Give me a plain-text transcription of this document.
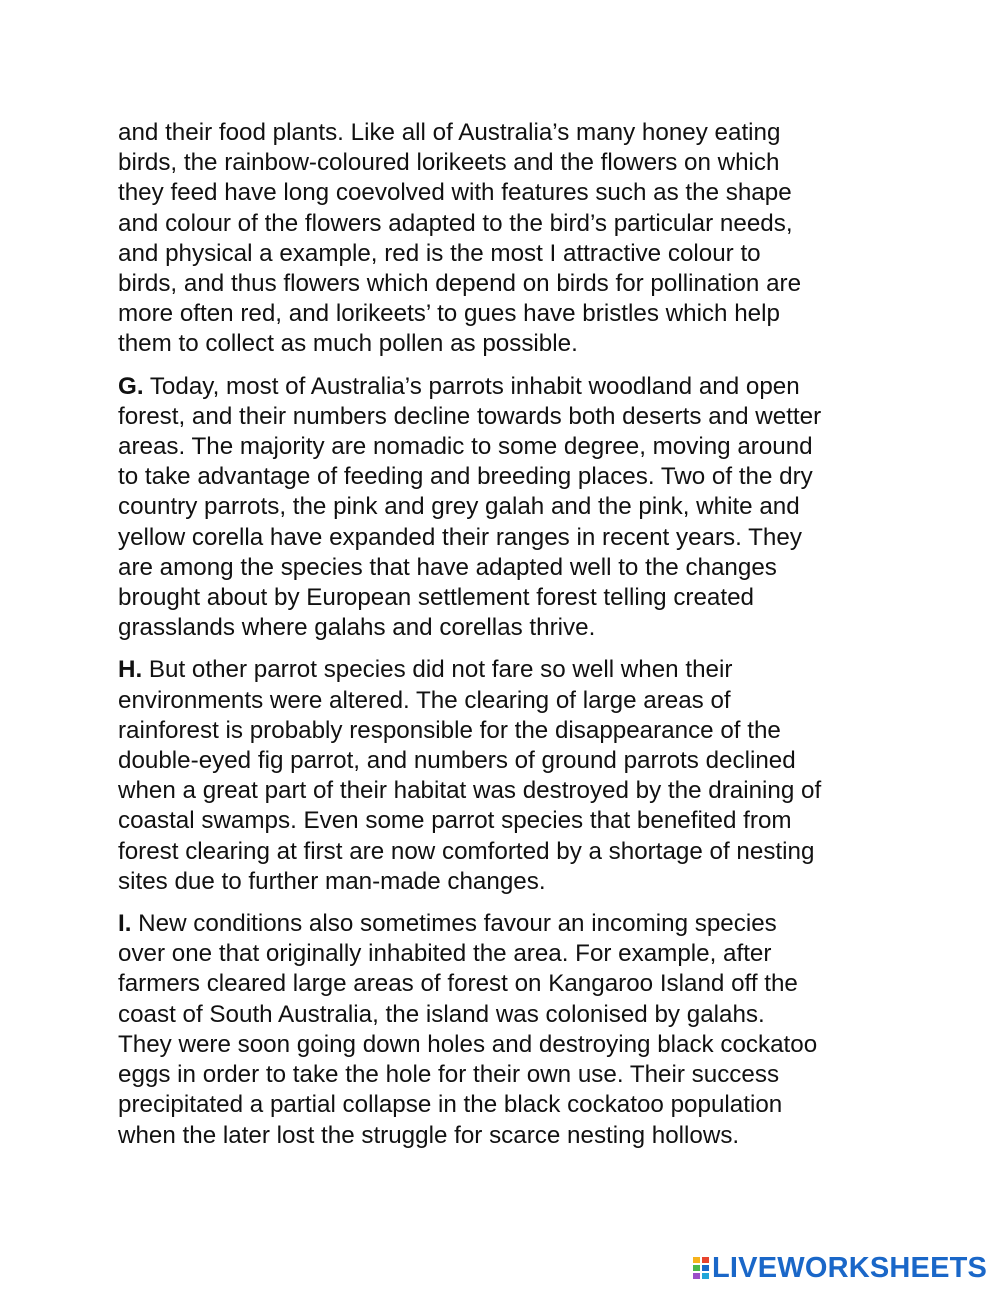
and their food plants. Like all of Australia’s many honey eating
birds, the rainbow-coloured lorikeets and the flowers on which
they feed have long coevolved with features such as the shape
and colour of the flowers adapted to the bird’s particular needs,
and physical a example, red is the most I attractive colour to
birds, and thus flowers which depend on birds for pollination are
more often red, and lorikeets’ to gues have bristles which help
them to collect as much pollen as possible.

G. Today, most of Australia’s parrots inhabit woodland and open
forest, and their numbers decline towards both deserts and wetter
areas. The majority are nomadic to some degree, moving around
to take advantage of feeding and breeding places. Two of the dry
country parrots, the pink and grey galah and the pink, white and
yellow corella have expanded their ranges in recent years. They
are among the species that have adapted well to the changes
brought about by European settlement forest telling created
grasslands where galahs and corellas thrive.

H. But other parrot species did not fare so well when their
environments were altered. The clearing of large areas of
rainforest is probably responsible for the disappearance of the
double-eyed fig parrot, and numbers of ground parrots declined
when a great part of their habitat was destroyed by the draining of
coastal swamps. Even some parrot species that benefited from
forest clearing at first are now comforted by a shortage of nesting
sites due to further man-made changes.

I. New conditions also sometimes favour an incoming species
over one that originally inhabited the area. For example, after
farmers cleared large areas of forest on Kangaroo Island off the
coast of South Australia, the island was colonised by galahs.
They were soon going down holes and destroying black cockatoo
eggs in order to take the hole for their own use. Their success
precipitated a partial collapse in the black cockatoo population
when the later lost the struggle for scarce nesting hollows.

LIVEWORKSHEETS
